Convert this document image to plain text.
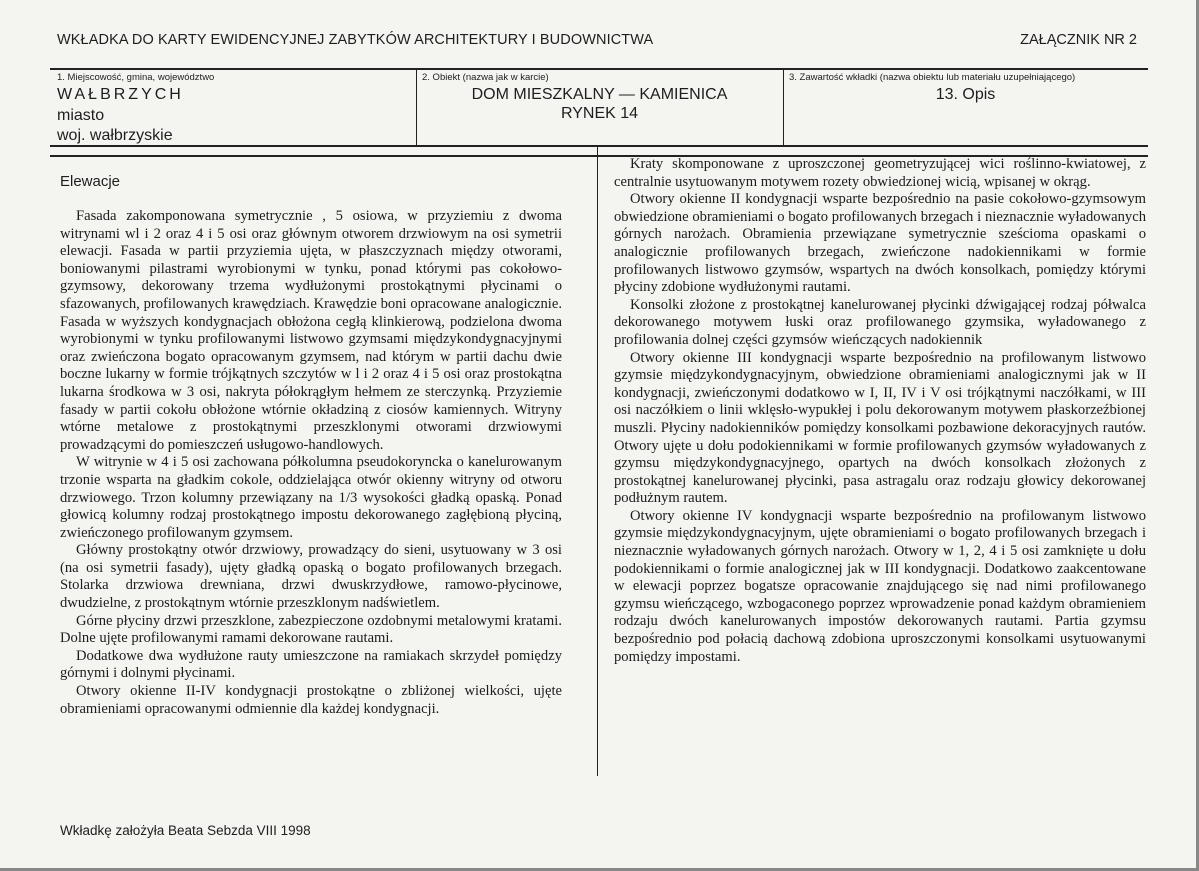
WKŁADKA DO KARTY EWIDENCYJNEJ ZABYTKÓW ARCHITEKTURY I BUDOWNICTWA	ZAŁĄCZNIK NR 2
1. Miejscowość, gmina, województwo
WAŁBRZYCH
miasto
woj. wałbrzyskie
2. Obiekt (nazwa jak w karcie)
DOM MIESZKALNY — KAMIENICA
RYNEK 14
3. Zawartość wkładki (nazwa obiektu lub materiału uzupełniającego)
13. Opis
Elewacje

Fasada zakomponowana symetrycznie , 5 osiowa, w przyziemiu z dwoma witrynami wl i 2 oraz 4 i 5 osi oraz głównym otworem drzwiowym na osi symetrii elewacji. Fasada w partii przyziemia ujęta, w płaszczyznach między otworami, boniowanymi pilastrami wyrobionymi w tynku, ponad którymi pas cokołowo-gzymsowy, dekorowany trzema wydłużonymi prostokątnymi płycinami o sfazowanych, profilowanych krawędziach. Krawędzie boni opracowane analogicznie. Fasada w wyższych kondygnacjach obłożona cegłą klinkierową, podzielona dwoma wyrobionymi w tynku profilowanymi listwowo gzymsami międzykondygnacyjnymi oraz zwieńczona bogato opracowanym gzymsem, nad którym w partii dachu dwie boczne lukarny w formie trójkątnych szczytów w l i 2 oraz 4 i 5 osi oraz prostokątna lukarna środkowa w 3 osi, nakryta półokrągłym hełmem ze sterczynką. Przyziemie fasady w partii cokołu obłożone wtórnie okładziną z ciosów kamiennych. Witryny wtórne metalowe z prostokątnymi przeszklonymi otworami drzwiowymi prowadzącymi do pomieszczeń usługowo-handlowych.

W witrynie w 4 i 5 osi zachowana półkolumna pseudokoryncka o kanelurowanym trzonie wsparta na gładkim cokole, oddzielająca otwór okienny witryny od otworu drzwiowego. Trzon kolumny przewiązany na 1/3 wysokości gładką opaską. Ponad głowicą kolumny rodzaj prostokątnego impostu dekorowanego zagłębioną płyciną, zwieńczonego profilowanym gzymsem.

Główny prostokątny otwór drzwiowy, prowadzący do sieni, usytuowany w 3 osi (na osi symetrii fasady), ujęty gładką opaską o bogato profilowanych brzegach. Stolarka drzwiowa drewniana, drzwi dwuskrzydłowe, ramowo-płycinowe, dwudzielne, z prostokątnym wtórnie przeszklonym nadświetlem.

Górne płyciny drzwi przeszklone, zabezpieczone ozdobnymi metalowymi kratami. Dolne ujęte profilowanymi ramami dekorowane rautami.

Dodatkowe dwa wydłużone rauty umieszczone na ramiakach skrzydeł pomiędzy górnymi i dolnymi płycinami.

Otwory okienne II-IV kondygnacji prostokątne o zbliżonej wielkości, ujęte obramieniami opracowanymi odmiennie dla każdej kondygnacji.

Kraty skomponowane z uproszczonej geometryzującej wici roślinno-kwiatowej, z centralnie usytuowanym motywem rozety obwiedzionej wicią, wpisanej w okrąg.

Otwory okienne II kondygnacji wsparte bezpośrednio na pasie cokołowo-gzymsowym obwiedzione obramieniami o bogato profilowanych brzegach i nieznacznie wyładowanych górnych narożach. Obramienia przewiązane symetrycznie sześcioma opaskami o analogicznie profilowanych brzegach, zwieńczone nadokiennikami w formie profilowanych listwowo gzymsów, wspartych na dwóch konsolkach, pomiędzy którymi płyciny zdobione wydłużonymi rautami.

Konsolki złożone z prostokątnej kanelurowanej płycinki dźwigającej rodzaj półwalca dekorowanego motywem łuski oraz profilowanego gzymsika, wyładowanego z profilowania dolnej części gzymsów wieńczących nadokiennik

Otwory okienne III kondygnacji wsparte bezpośrednio na profilowanym listwowo gzymsie międzykondygnacyjnym, obwiedzione obramieniami analogicznymi jak w II kondygnacji, zwieńczonymi dodatkowo w I, II, IV i V osi trójkątnymi naczółkami, w III osi naczółkiem o linii wklęsło-wypukłej i polu dekorowanym motywem płaskorzeźbionej muszli. Płyciny nadokienników pomiędzy konsolkami pozbawione dekoracyjnych rautów. Otwory ujęte u dołu podokiennikami w formie profilowanych gzymsów wyładowanych z gzymsu międzykondygnacyjnego, opartych na dwóch konsolkach złożonych z prostokątnej kanelurowanej płycinki, pasa astragalu oraz rodzaju głowicy dekorowanej podłużnym rautem.

Otwory okienne IV kondygnacji wsparte bezpośrednio na profilowanym listwowo gzymsie międzykondygnacyjnym, ujęte obramieniami o bogato profilowanych brzegach i nieznacznie wyładowanych górnych narożach. Otwory w 1, 2, 4 i 5 osi zamknięte u dołu podokiennikami o formie analogicznej jak w III kondygnacji. Dodatkowo zaakcentowane w elewacji poprzez bogatsze opracowanie znajdującego się nad nimi profilowanego gzymsu wieńczącego, wzbogaconego poprzez wprowadzenie ponad każdym obramieniem rodzaju dwóch kanelurowanych impostów dekorowanych rautami. Partia gzymsu bezpośrednio pod połacią dachową zdobiona uproszczonymi konsolkami usytuowanymi pomiędzy impostami.

Wkładkę założyła Beata Sebzda VIII 1998
